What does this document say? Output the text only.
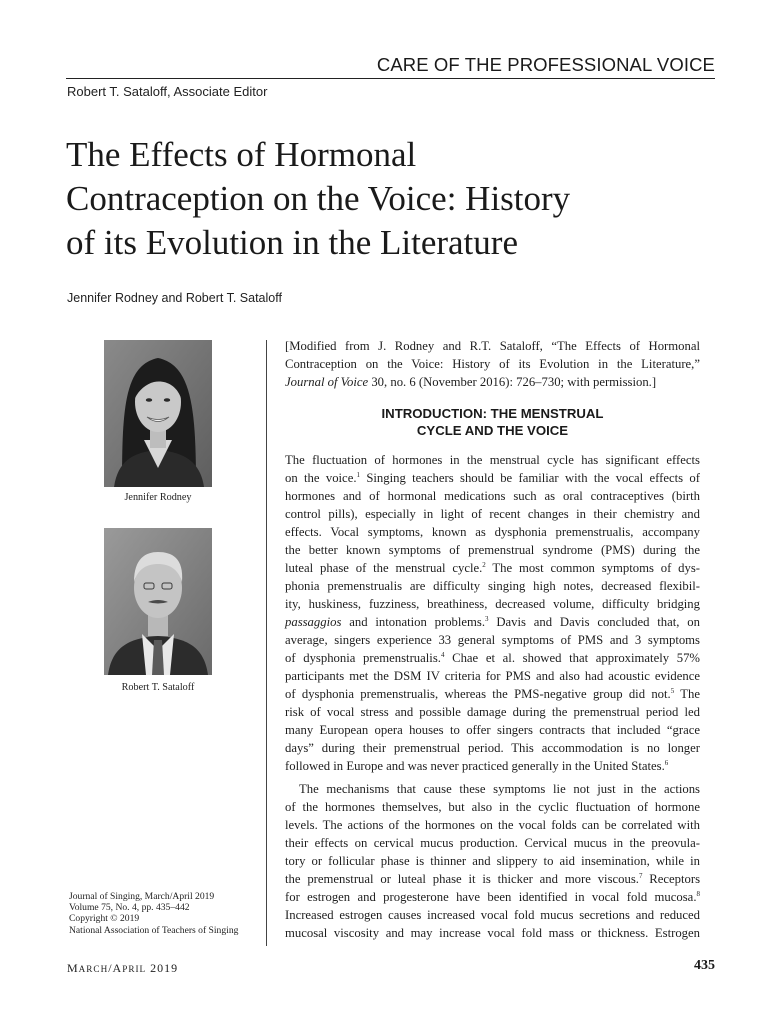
CARE OF THE PROFESSIONAL VOICE
Robert T. Sataloff, Associate Editor
The Effects of Hormonal
Contraception on the Voice: History
of its Evolution in the Literature
Jennifer Rodney and Robert T. Sataloff
Jennifer Rodney
Robert T. Sataloff
Journal of Singing, March/April 2019
Volume 75, No. 4, pp. 435–442
Copyright © 2019
National Association of Teachers of Singing
[Modified from J. Rodney and R.T. Sataloff, “The Effects of Hormonal
Contraception on the Voice: History of its Evolution in the Literature,”
Journal of Voice 30, no. 6 (November 2016): 726–730; with permission.]
INTRODUCTION: THE MENSTRUAL
CYCLE AND THE VOICE
The fluctuation of hormones in the menstrual cycle has significant effects
on the voice.$^1$ Singing teachers should be familiar with the vocal effects of
hormones and of hormonal medications such as oral contraceptives (birth
control pills), especially in light of recent changes in their chemistry and
effects. Vocal symptoms, known as dysphonia premenstrualis, accompany
the better known symptoms of premenstrual syndrome (PMS) during the
luteal phase of the menstrual cycle.$^2$ The most common symptoms of dys-
phonia premenstrualis are difficulty singing high notes, decreased flexibil-
ity, huskiness, fuzziness, breathiness, decreased volume, difficulty bridging
passaggios and intonation problems.$^3$ Davis and Davis concluded that, on
average, singers experience 33 general symptoms of PMS and 3 symptoms
of dysphonia premenstrualis.$^4$ Chae et al. showed that approximately 57%
participants met the DSM IV criteria for PMS and also had acoustic evidence
of dysphonia premenstrualis, whereas the PMS-negative group did not.$^5$ The
risk of vocal stress and possible damage during the premenstrual period led
many European opera houses to offer singers contracts that included “grace
days” during their premenstrual period. This accommodation is no longer
followed in Europe and was never practiced generally in the United States.$^6$
The mechanisms that cause these symptoms lie not just in the actions
of the hormones themselves, but also in the cyclic fluctuation of hormone
levels. The actions of the hormones on the vocal folds can be correlated with
their effects on cervical mucus production. Cervical mucus in the preovula-
tory or follicular phase is thinner and slippery to aid insemination, while in
the premenstrual or luteal phase it is thicker and more viscous.$^7$ Receptors
for estrogen and progesterone have been identified in vocal fold mucosa.$^8$
Increased estrogen causes increased vocal fold mucus secretions and reduced
mucosal viscosity and may increase vocal fold mass or thickness. Estrogen
MARCH/APRIL 2019	435
